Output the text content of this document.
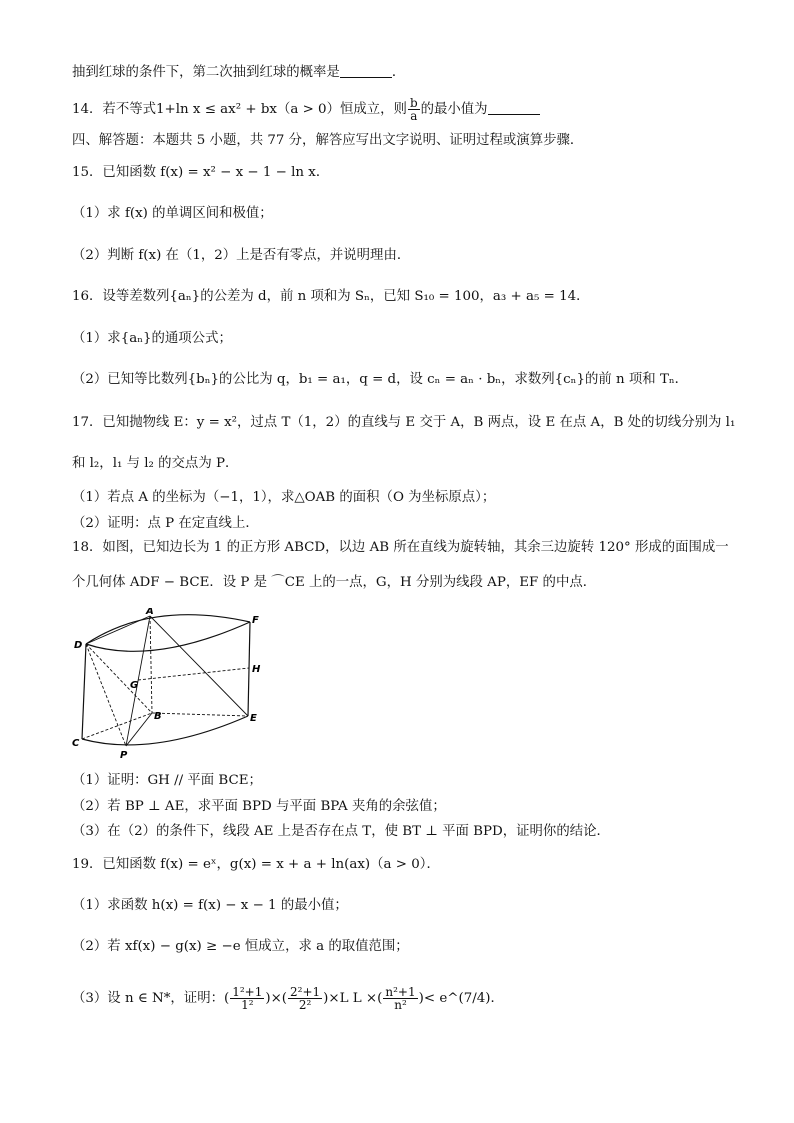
抽到红球的条件下，第二次抽到红球的概率是	．
14．若不等式1+ln x ≤ ax² + bx（a > 0）恒成立，则 $\frac{b}{a}$ 的最小值为
四、解答题：本题共 5 小题，共 77 分，解答应写出文字说明、证明过程或演算步骤．
15．已知函数 f(x) = x² − x − 1 − ln x．
（1）求 f(x) 的单调区间和极值；
（2）判断 f(x) 在（1，2）上是否有零点，并说明理由．
16．设等差数列{aₙ}的公差为 d，前 n 项和为 Sₙ，已知 S₁₀ = 100，a₃ + a₅ = 14．
（1）求{aₙ}的通项公式；
（2）已知等比数列{bₙ}的公比为 q，b₁ = a₁，q = d，设 cₙ = aₙ · bₙ，求数列{cₙ}的前 n 项和 Tₙ．
17．已知抛物线 E：y = x²，过点 T（1，2）的直线与 E 交于 A，B 两点，设 E 在点 A，B 处的切线分别为 l₁
和 l₂，l₁ 与 l₂ 的交点为 P．
（1）若点 A 的坐标为（−1，1），求△OAB 的面积（O 为坐标原点）；
（2）证明：点 P 在定直线上．
18．如图，已知边长为 1 的正方形 ABCD，以边 AB 所在直线为旋转轴，其余三边旋转 120° 形成的面围成一
个几何体 ADF − BCE．设 P 是 ⌒CE 上的一点，G，H 分别为线段 AP，EF 的中点．
A
F
D
H
G
B	E
C
P
（1）证明：GH // 平面 BCE；
（2）若 BP ⊥ AE，求平面 BPD 与平面 BPA 夹角的余弦值；
（3）在（2）的条件下，线段 AE 上是否存在点 T，使 BT ⊥ 平面 BPD，证明你的结论．
19．已知函数 f(x) = eˣ，g(x) = x + a + ln(ax)（a > 0）．
（1）求函数 h(x) = f(x) − x − 1 的最小值；
（2）若 xf(x) − g(x) ≥ −e 恒成立，求 a 的取值范围；
（3）设 n ∈ N*，证明：( $\frac{\text{1²+1}}{\text{1²}}$ )×( $\frac{\text{2²+1}}{\text{2²}} )\times L$ L ×( $\frac{\text{n²+1}}{\text{n²}}$ )< e^(7/4)．
